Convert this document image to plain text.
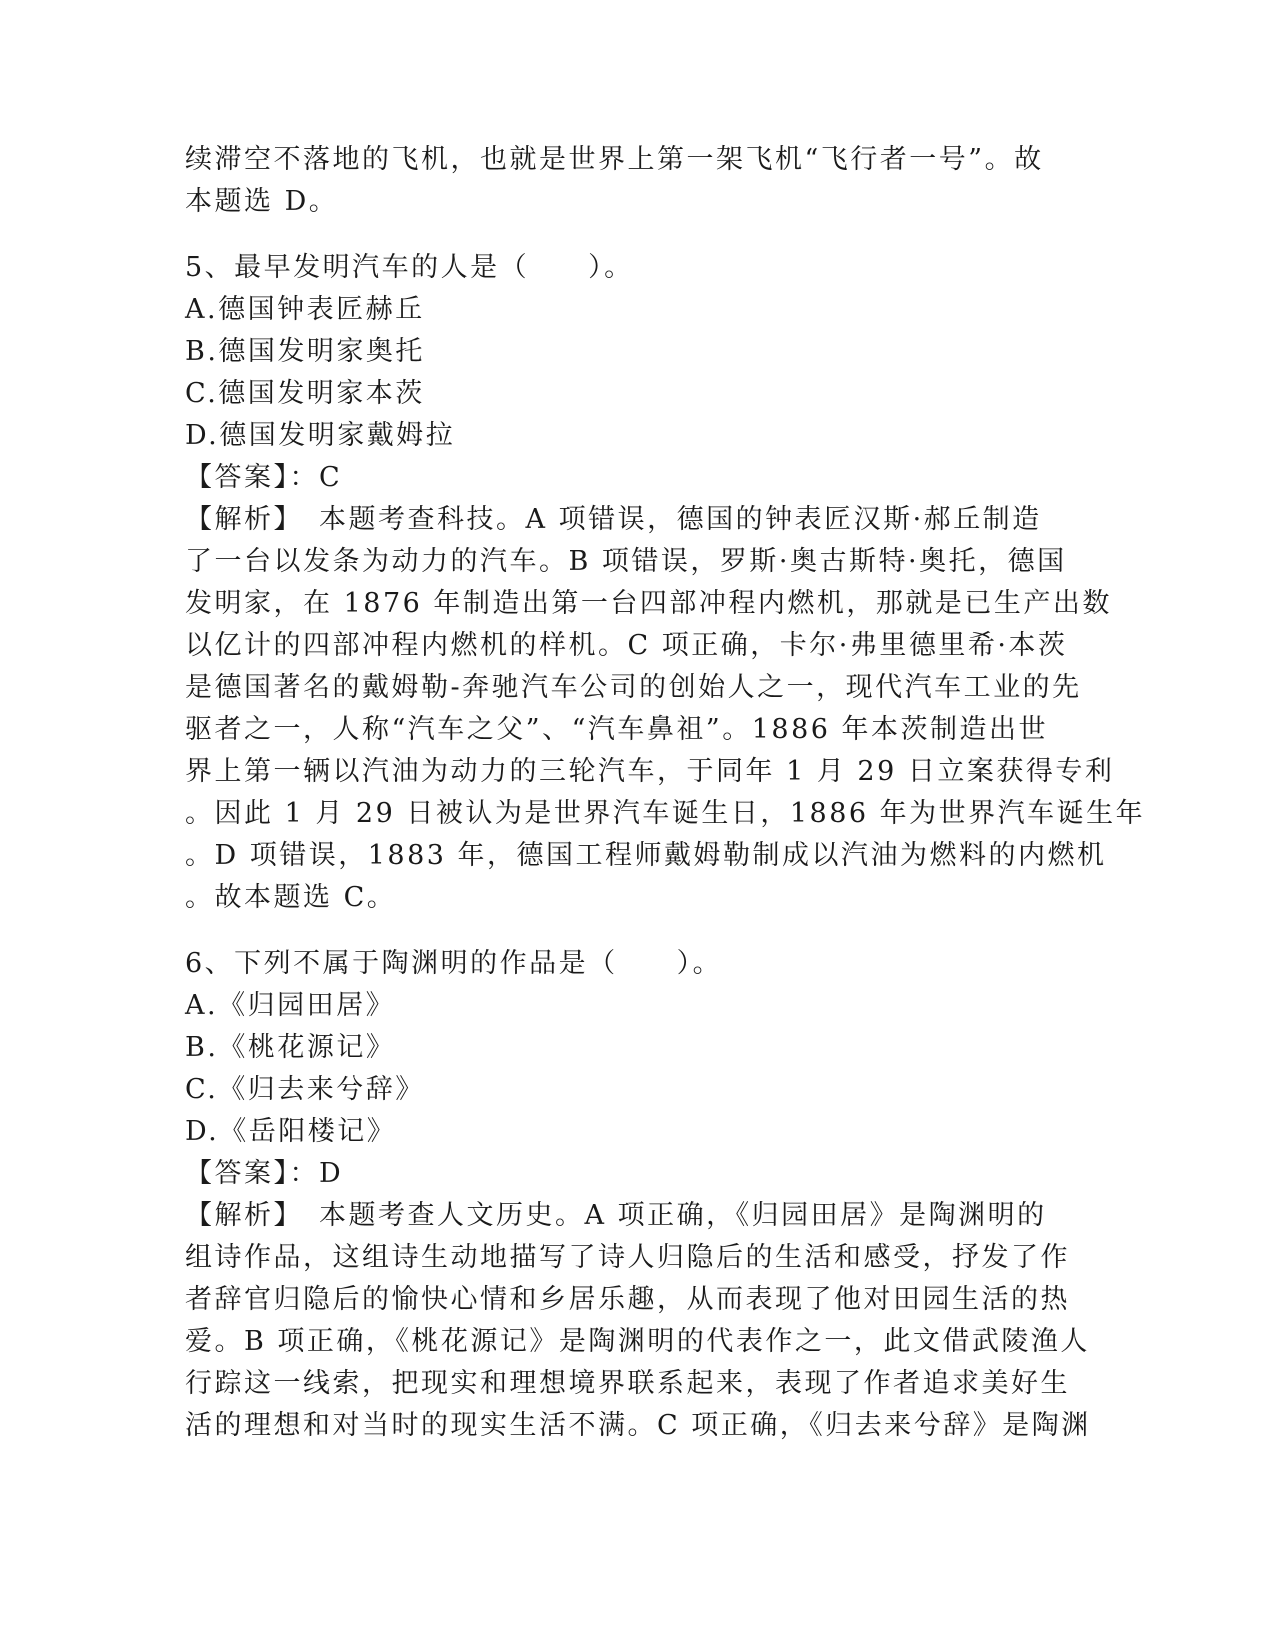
续滞空不落地的飞机，也就是世界上第一架飞机“飞行者一号”。故
本题选 D。
5、最早发明汽车的人是（　　）。
A.德国钟表匠赫丘
B.德国发明家奥托
C.德国发明家本茨
D.德国发明家戴姆拉
【答案】：C
【解析】　本题考查科技。A 项错误，德国的钟表匠汉斯·郝丘制造
了一台以发条为动力的汽车。B 项错误，罗斯·奥古斯特·奥托，德国
发明家，在 1876 年制造出第一台四部冲程内燃机，那就是已生产出数
以亿计的四部冲程内燃机的样机。C 项正确，卡尔·弗里德里希·本茨
是德国著名的戴姆勒-奔驰汽车公司的创始人之一，现代汽车工业的先
驱者之一，人称“汽车之父”、“汽车鼻祖”。1886 年本茨制造出世
界上第一辆以汽油为动力的三轮汽车，于同年 1 月 29 日立案获得专利
。因此 1 月 29 日被认为是世界汽车诞生日，1886 年为世界汽车诞生年
。D 项错误，1883 年，德国工程师戴姆勒制成以汽油为燃料的内燃机
。故本题选 C。
6、下列不属于陶渊明的作品是（　　）。
A.《归园田居》
B.《桃花源记》
C.《归去来兮辞》
D.《岳阳楼记》
【答案】：D
【解析】　本题考查人文历史。A 项正确，《归园田居》是陶渊明的
组诗作品，这组诗生动地描写了诗人归隐后的生活和感受，抒发了作
者辞官归隐后的愉快心情和乡居乐趣，从而表现了他对田园生活的热
爱。B 项正确，《桃花源记》是陶渊明的代表作之一，此文借武陵渔人
行踪这一线索，把现实和理想境界联系起来，表现了作者追求美好生
活的理想和对当时的现实生活不满。C 项正确，《归去来兮辞》是陶渊
